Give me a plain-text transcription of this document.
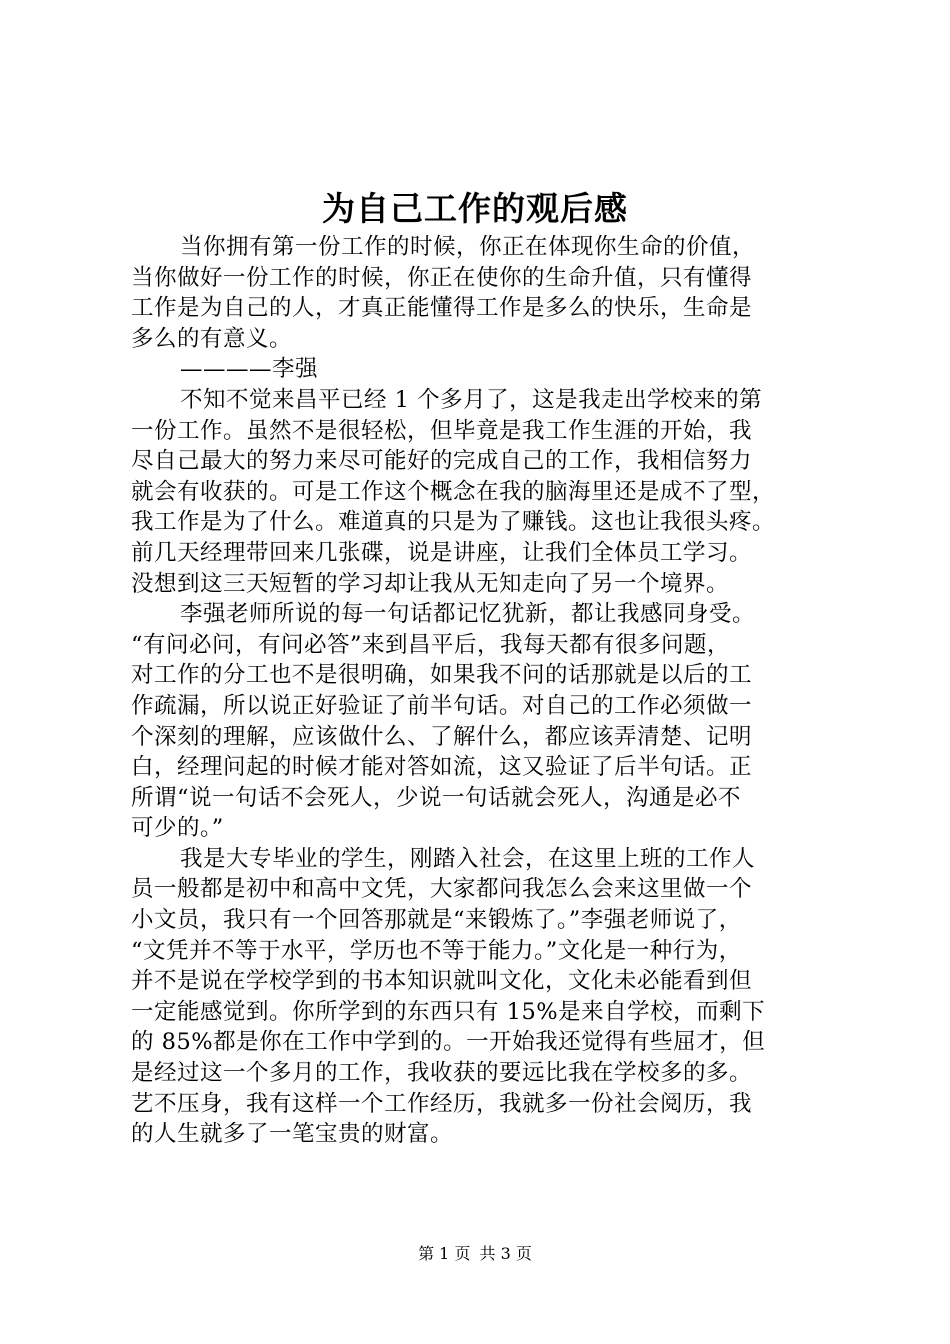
为自己工作的观后感
当你拥有第一份工作的时候，你正在体现你生命的价值，
当你做好一份工作的时候，你正在使你的生命升值，只有懂得
工作是为自己的人，才真正能懂得工作是多么的快乐，生命是
多么的有意义。
————李强
不知不觉来昌平已经 1 个多月了，这是我走出学校来的第
一份工作。虽然不是很轻松，但毕竟是我工作生涯的开始，我
尽自己最大的努力来尽可能好的完成自己的工作，我相信努力
就会有收获的。可是工作这个概念在我的脑海里还是成不了型，
我工作是为了什么。难道真的只是为了赚钱。这也让我很头疼。
前几天经理带回来几张碟，说是讲座，让我们全体员工学习。
没想到这三天短暂的学习却让我从无知走向了另一个境界。
李强老师所说的每一句话都记忆犹新，都让我感同身受。
“有问必问，有问必答”来到昌平后，我每天都有很多问题，
对工作的分工也不是很明确，如果我不问的话那就是以后的工
作疏漏，所以说正好验证了前半句话。对自己的工作必须做一
个深刻的理解，应该做什么、了解什么，都应该弄清楚、记明
白，经理问起的时候才能对答如流，这又验证了后半句话。正
所谓“说一句话不会死人，少说一句话就会死人，沟通是必不
可少的。”
我是大专毕业的学生，刚踏入社会，在这里上班的工作人
员一般都是初中和高中文凭，大家都问我怎么会来这里做一个
小文员，我只有一个回答那就是“来锻炼了。”李强老师说了，
“文凭并不等于水平，学历也不等于能力。”文化是一种行为，
并不是说在学校学到的书本知识就叫文化，文化未必能看到但
一定能感觉到。你所学到的东西只有 15%是来自学校，而剩下
的 85%都是你在工作中学到的。一开始我还觉得有些屈才，但
是经过这一个多月的工作，我收获的要远比我在学校多的多。
艺不压身，我有这样一个工作经历，我就多一份社会阅历，我
的人生就多了一笔宝贵的财富。
第 1 页 共 3 页
